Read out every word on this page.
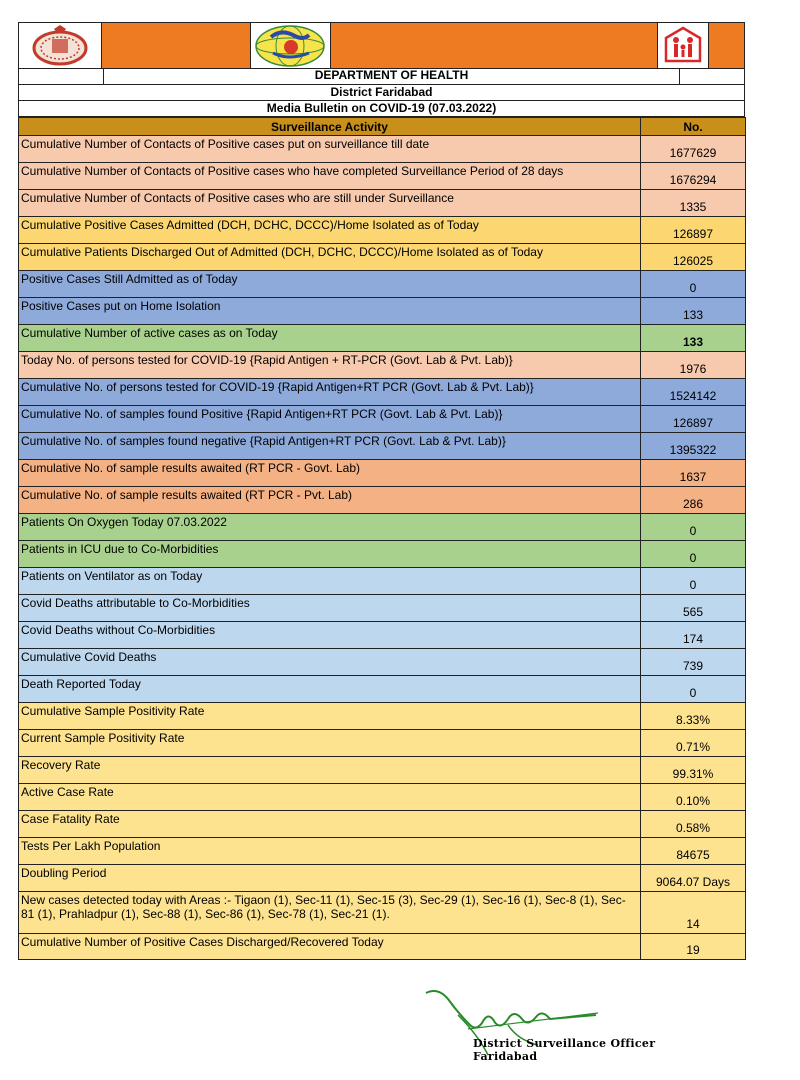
DEPARTMENT OF HEALTH
District Faridabad
Media Bulletin on COVID-19 (07.03.2022)
Surveillance Activity	No.
Cumulative Number of Contacts of Positive cases put on surveillance till date	1677629
Cumulative Number of Contacts of Positive cases who have completed Surveillance Period of 28 days	1676294
Cumulative Number of Contacts of Positive cases who are still under Surveillance	1335
Cumulative Positive Cases Admitted (DCH, DCHC, DCCC)/Home Isolated as of Today	126897
Cumulative Patients Discharged Out of Admitted (DCH, DCHC, DCCC)/Home Isolated as of Today	126025
Positive Cases Still Admitted as of Today	0
Positive Cases put on Home Isolation	133
Cumulative Number of active cases as on Today	133
Today No. of persons tested for COVID-19 {Rapid Antigen + RT-PCR (Govt. Lab & Pvt. Lab)}	1976
Cumulative No. of persons tested for COVID-19 {Rapid Antigen+RT PCR (Govt. Lab & Pvt. Lab)}	1524142
Cumulative No. of samples found Positive {Rapid Antigen+RT PCR (Govt. Lab & Pvt. Lab)}	126897
Cumulative No. of samples found negative {Rapid Antigen+RT PCR (Govt. Lab & Pvt. Lab)}	1395322
Cumulative No. of sample results awaited (RT PCR - Govt. Lab)	1637
Cumulative No. of sample results awaited (RT PCR - Pvt. Lab)	286
Patients On Oxygen Today 07.03.2022	0
Patients in ICU due to Co-Morbidities	0
Patients on Ventilator as on Today	0
Covid Deaths attributable to Co-Morbidities	565
Covid Deaths without Co-Morbidities	174
Cumulative Covid Deaths	739
Death Reported Today	0
Cumulative Sample Positivity Rate	8.33%
Current Sample Positivity Rate	0.71%
Recovery Rate	99.31%
Active Case Rate	0.10%
Case Fatality Rate	0.58%
Tests Per Lakh Population	84675
Doubling Period	9064.07 Days
New cases detected today with Areas :- Tigaon (1), Sec-11 (1), Sec-15 (3), Sec-29 (1), Sec-16 (1), Sec-8 (1), Sec-81 (1), Prahladpur (1), Sec-88 (1), Sec-86 (1), Sec-78 (1), Sec-21 (1).	14
Cumulative Number of Positive Cases Discharged/Recovered Today	19
District Surveillance Officer
Faridabad
